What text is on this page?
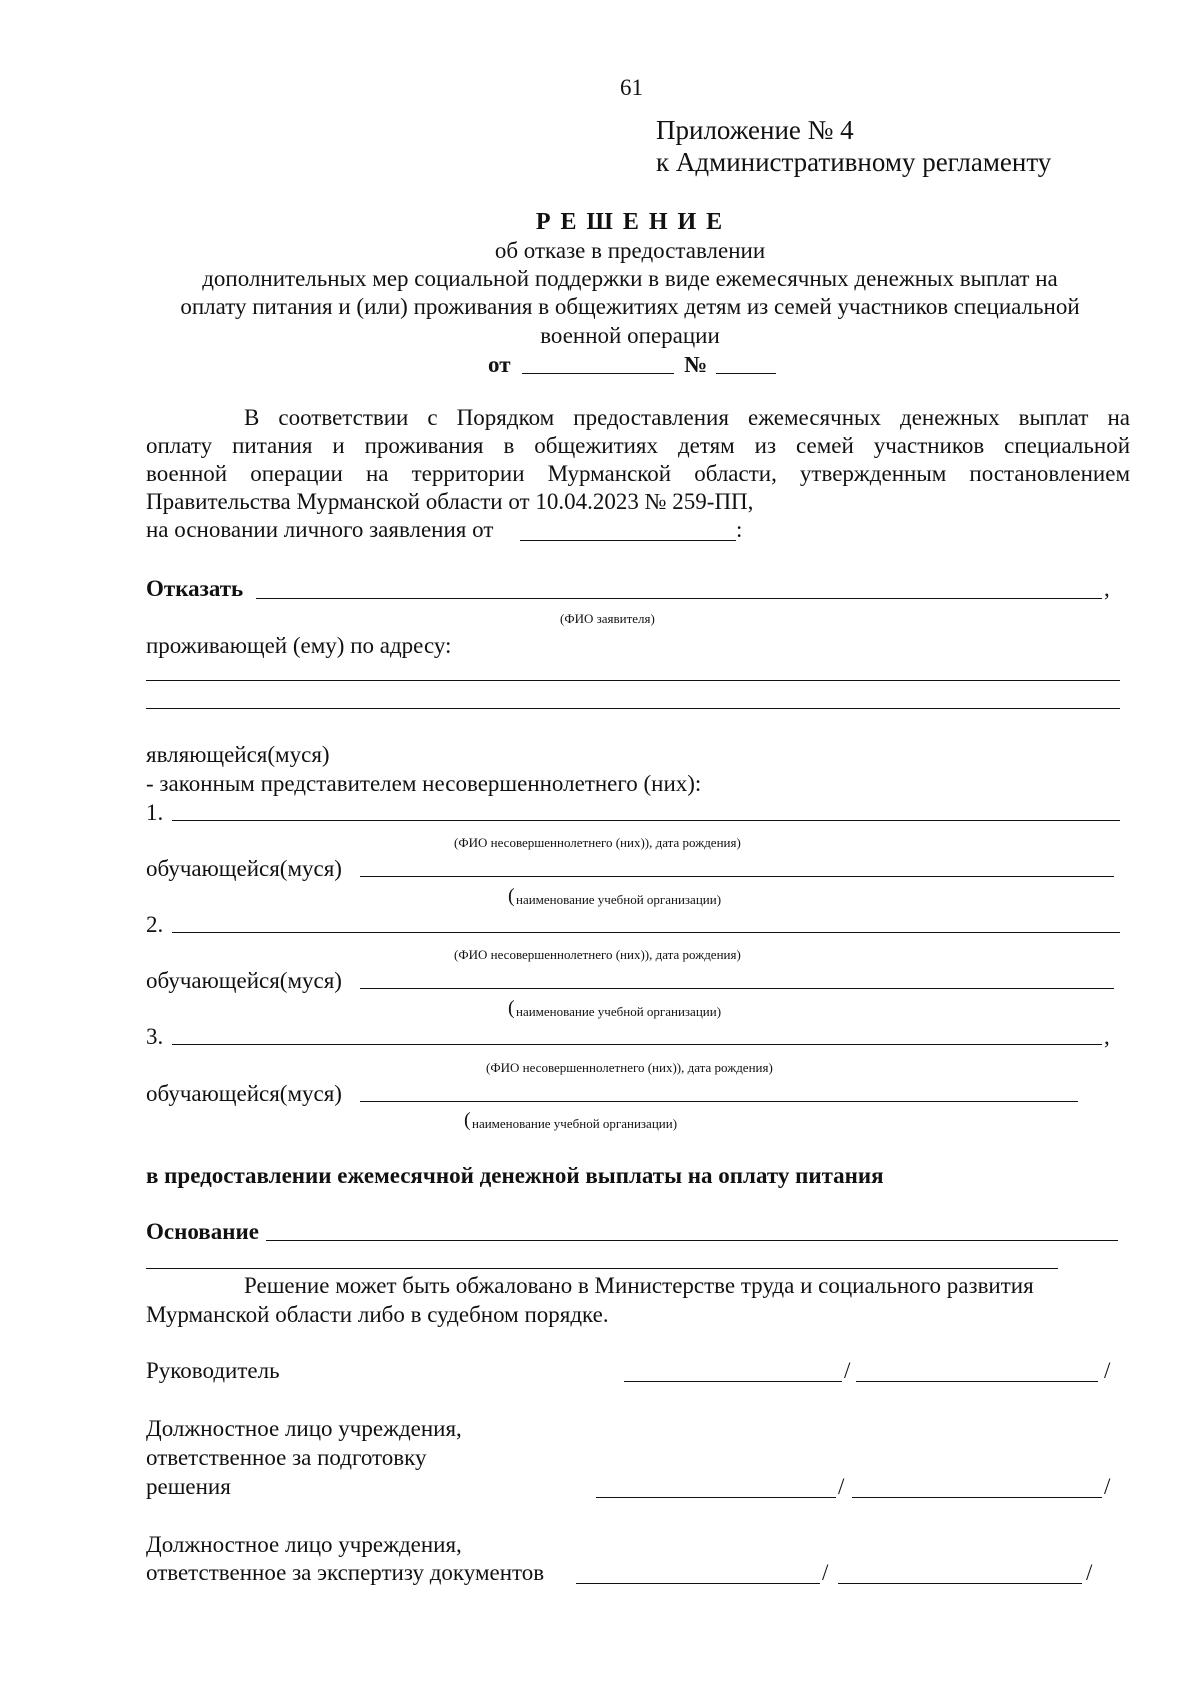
61
Приложение № 4
к Административному регламенту
Р Е Ш Е Н И Е
об отказе в предоставлении
дополнительных мер социальной поддержки в виде ежемесячных денежных выплат на
оплату питания и (или) проживания в общежитиях детям из семей участников специальной
военной операции
от	№
В соответствии с Порядком предоставления ежемесячных денежных выплат на
оплату питания и проживания в общежитиях детям из семей участников специальной
военной операции на территории Мурманской области, утвержденным постановлением
Правительства Мурманской области от 10.04.2023 № 259-ПП,
на основании личного заявления от	:
Отказать	,
(ФИО заявителя)
проживающей (ему) по адресу:
являющейся(муся)
- законным представителем несовершеннолетнего (них):
1.
(ФИО несовершеннолетнего (них)), дата рождения)
обучающейся(муся)
( наименование учебной организации)
2.
(ФИО несовершеннолетнего (них)), дата рождения)
обучающейся(муся)
( наименование учебной организации)
3.	,
(ФИО несовершеннолетнего (них)), дата рождения)
обучающейся(муся)
( наименование учебной организации)
в предоставлении ежемесячной денежной выплаты на оплату питания
Основание
Решение может быть обжаловано в Министерстве труда и социального развития
Мурманской области либо в судебном порядке.
Руководитель	/	/
Должностное лицо учреждения,
ответственное за подготовку
решения	/	/
Должностное лицо учреждения,
ответственное за экспертизу документов	/	/
